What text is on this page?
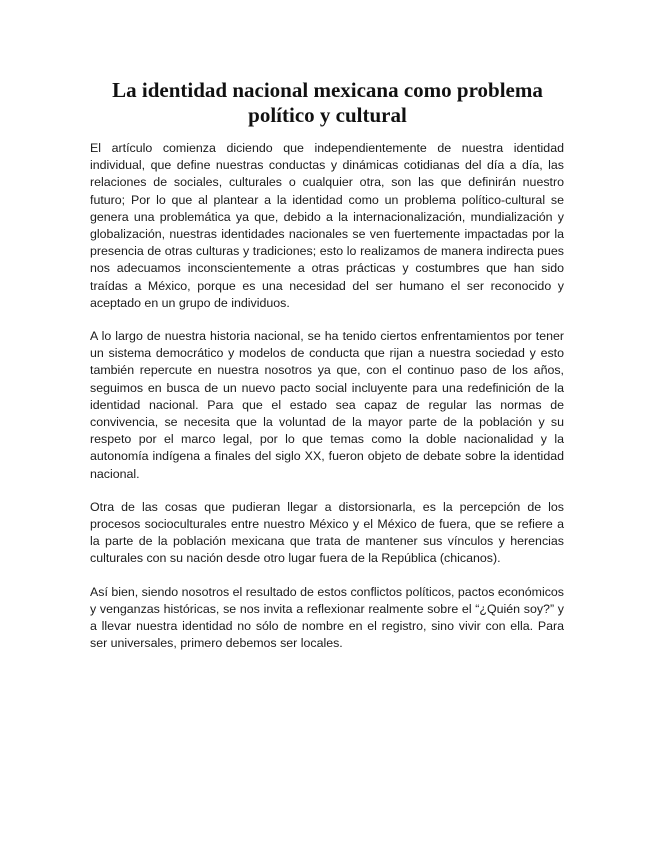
La identidad nacional mexicana como problema político y cultural

El artículo comienza diciendo que independientemente de nuestra identidad individual, que define nuestras conductas y dinámicas cotidianas del día a día, las relaciones de sociales, culturales o cualquier otra, son las que definirán nuestro futuro; Por lo que al plantear a la identidad como un problema político-cultural se genera una problemática ya que, debido a la internacionalización, mundialización y globalización, nuestras identidades nacionales se ven fuertemente impactadas por la presencia de otras culturas y tradiciones; esto lo realizamos de manera indirecta pues nos adecuamos inconscientemente a otras prácticas y costumbres que han sido traídas a México, porque es una necesidad del ser humano el ser reconocido y aceptado en un grupo de individuos.

A lo largo de nuestra historia nacional, se ha tenido ciertos enfrentamientos por tener un sistema democrático y modelos de conducta que rijan a nuestra sociedad y esto también repercute en nuestra nosotros ya que, con el continuo paso de los años, seguimos en busca de un nuevo pacto social incluyente para una redefinición de la identidad nacional. Para que el estado sea capaz de regular las normas de convivencia, se necesita que la voluntad de la mayor parte de la población y su respeto por el marco legal, por lo que temas como la doble nacionalidad y la autonomía indígena a finales del siglo XX, fueron objeto de debate sobre la identidad nacional.

Otra de las cosas que pudieran llegar a distorsionarla, es la percepción de los procesos socioculturales entre nuestro México y el México de fuera, que se refiere a la parte de la población mexicana que trata de mantener sus vínculos y herencias culturales con su nación desde otro lugar fuera de la República (chicanos).

Así bien, siendo nosotros el resultado de estos conflictos políticos, pactos económicos y venganzas históricas, se nos invita a reflexionar realmente sobre el “¿Quién soy?” y a llevar nuestra identidad no sólo de nombre en el registro, sino vivir con ella. Para ser universales, primero debemos ser locales.
